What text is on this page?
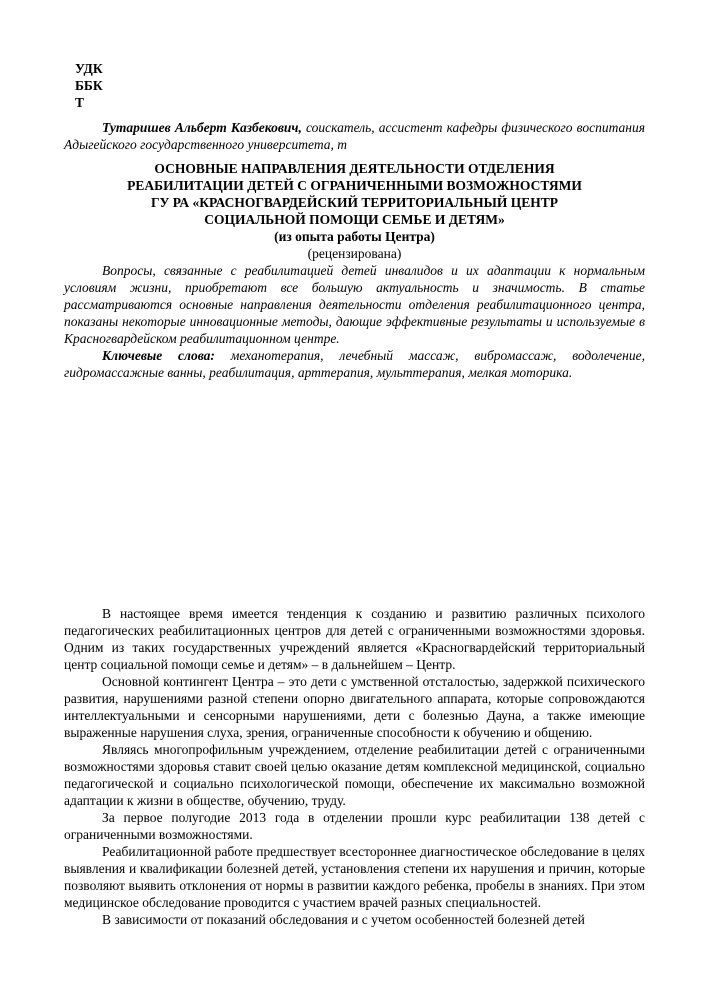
УДК
ББК
Т

Тутаришев Альберт Казбекович, соискатель, ассистент кафедры физического воспитания Адыгейского государственного университета, т

ОСНОВНЫЕ НАПРАВЛЕНИЯ ДЕЯТЕЛЬНОСТИ ОТДЕЛЕНИЯ
РЕАБИЛИТАЦИИ ДЕТЕЙ С ОГРАНИЧЕННЫМИ ВОЗМОЖНОСТЯМИ
ГУ РА «КРАСНОГВАРДЕЙСКИЙ ТЕРРИТОРИАЛЬНЫЙ ЦЕНТР
СОЦИАЛЬНОЙ ПОМОЩИ СЕМЬЕ И ДЕТЯМ»
(из опыта работы Центра)
(рецензирована)

Вопросы, связанные с реабилитацией детей инвалидов и их адаптации к нормальным условиям жизни, приобретают все большую актуальность и значимость. В статье рассматриваются основные направления деятельности отделения реабилитационного центра, показаны некоторые инновационные методы, дающие эффективные результаты и используемые в Красногвардейском реабилитационном центре.

Ключевые слова: механотерапия, лечебный массаж, вибромассаж, водолечение, гидромассажные ванны, реабилитация, арттерапия, мульттерапия, мелкая моторика.

В настоящее время имеется тенденция к созданию и развитию различных психолого педагогических реабилитационных центров для детей с ограниченными возможностями здоровья. Одним из таких государственных учреждений является «Красногвардейский территориальный центр социальной помощи семье и детям» – в дальнейшем – Центр.

Основной контингент Центра – это дети с умственной отсталостью, задержкой психического развития, нарушениями разной степени опорно двигательного аппарата, которые сопровождаются интеллектуальными и сенсорными нарушениями, дети с болезнью Дауна, а также имеющие выраженные нарушения слуха, зрения, ограниченные способности к обучению и общению.

Являясь многопрофильным учреждением, отделение реабилитации детей с ограниченными возможностями здоровья ставит своей целью оказание детям комплексной медицинской, социально педагогической и социально психологической помощи, обеспечение их максимально возможной адаптации к жизни в обществе, обучению, труду.

За первое полугодие 2013 года в отделении прошли курс реабилитации 138 детей с ограниченными возможностями.

Реабилитационной работе предшествует всестороннее диагностическое обследование в целях выявления и квалификации болезней детей, установления степени их нарушения и причин, которые позволяют выявить отклонения от нормы в развитии каждого ребенка, пробелы в знаниях. При этом медицинское обследование проводится с участием врачей разных специальностей.

В зависимости от показаний обследования и с учетом особенностей болезней детей
